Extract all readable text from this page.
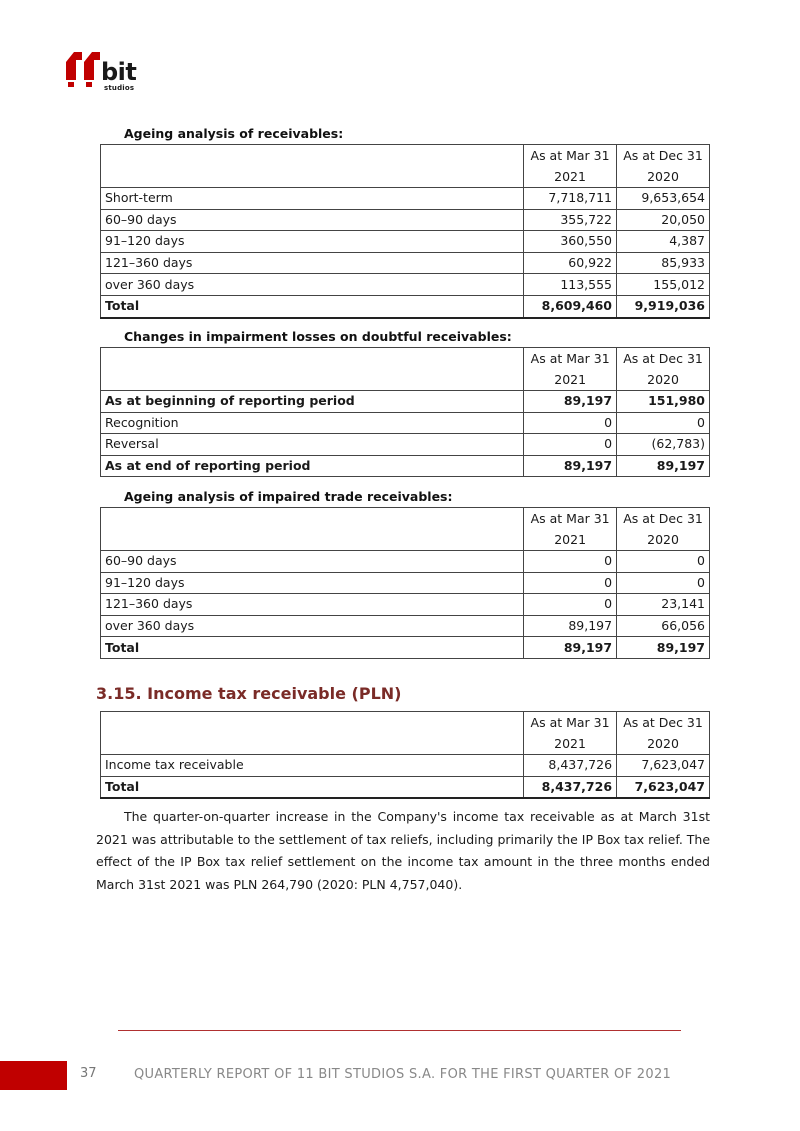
bit
studios
Ageing analysis of receivables:
	As at Mar 31 2021	As at Dec 31 2020
Short-term	7,718,711	9,653,654
60–90 days	355,722	20,050
91–120 days	360,550	4,387
121–360 days	60,922	85,933
over 360 days	113,555	155,012
Total	8,609,460	9,919,036
Changes in impairment losses on doubtful receivables:
	As at Mar 31 2021	As at Dec 31 2020
As at beginning of reporting period	89,197	151,980
Recognition	0	0
Reversal	0	(62,783)
As at end of reporting period	89,197	89,197
Ageing analysis of impaired trade receivables:
	As at Mar 31 2021	As at Dec 31 2020
60–90 days	0	0
91–120 days	0	0
121–360 days	0	23,141
over 360 days	89,197	66,056
Total	89,197	89,197
3.15. Income tax receivable (PLN)
	As at Mar 31 2021	As at Dec 31 2020
Income tax receivable	8,437,726	7,623,047
Total	8,437,726	7,623,047

The quarter-on-quarter increase in the Company's income tax receivable as at March 31st 2021 was attributable to the settlement of tax reliefs, including primarily the IP Box tax relief. The effect of the IP Box tax relief settlement on the income tax amount in the three months ended March 31st 2021 was PLN 264,790 (2020: PLN 4,757,040).

37	QUARTERLY REPORT OF 11 BIT STUDIOS S.A. FOR THE FIRST QUARTER OF 2021
